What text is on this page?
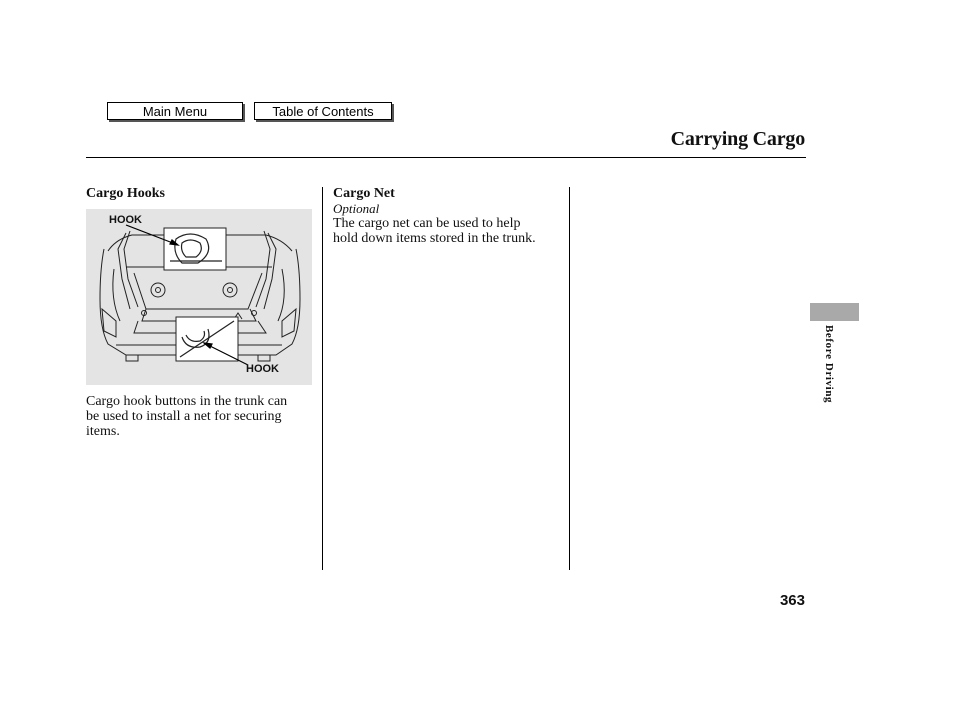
Main Menu	Table of Contents
Carrying Cargo
Cargo Hooks
HOOK
HOOK
Cargo hook buttons in the trunk can
be used to install a net for securing
items.
Cargo Net
Optional
The cargo net can be used to help
hold down items stored in the trunk.
Before Driving
363
